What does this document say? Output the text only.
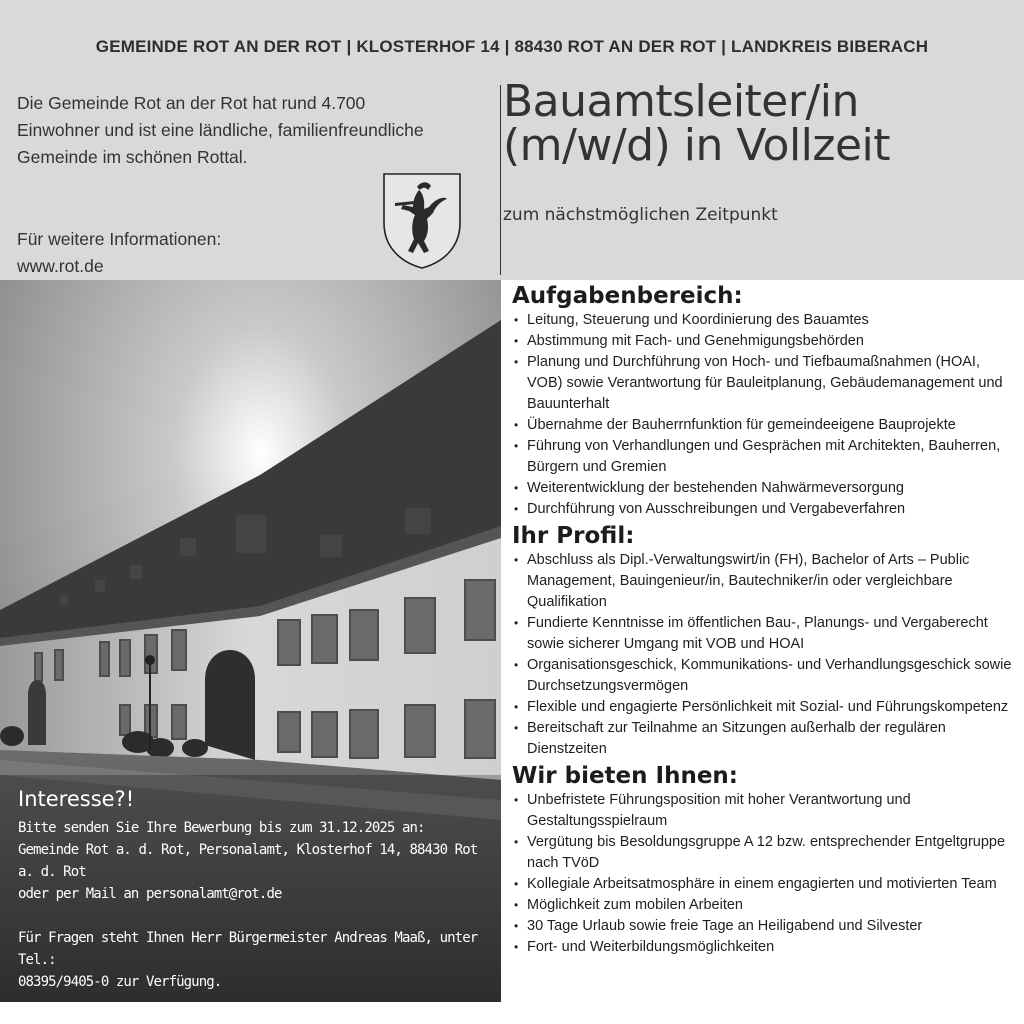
GEMEINDE ROT AN DER ROT | KLOSTERHOF 14 | 88430 ROT AN DER ROT | LANDKREIS BIBERACH
Die Gemeinde Rot an der Rot hat rund 4.700
Einwohner und ist eine ländliche, familienfreundliche
Gemeinde im schönen Rottal.
Für weitere Informationen:
www.rot.de
Bauamtsleiter/in
(m/w/d) in Vollzeit
zum nächstmöglichen Zeitpunkt
Interesse?!

Bitte senden Sie Ihre Bewerbung bis zum 31.12.2025 an:

Gemeinde Rot a. d. Rot, Personalamt, Klosterhof 14, 88430 Rot a. d. Rot

oder per Mail an personalamt@rot.de

Für Fragen steht Ihnen Herr Bürgermeister Andreas Maaß, unter Tel.:

08395/9405-0 zur Verfügung.

Aufgabenbereich:
• Leitung, Steuerung und Koordinierung des Bauamtes
• Abstimmung mit Fach- und Genehmigungsbehörden
• Planung und Durchführung von Hoch- und Tiefbaumaßnahmen (HOAI, VOB) sowie Verantwortung für Bauleitplanung, Gebäudemanagement und Bauunterhalt
• Übernahme der Bauherrnfunktion für gemeindeeigene Bauprojekte
• Führung von Verhandlungen und Gesprächen mit Architekten, Bauherren, Bürgern und Gremien
• Weiterentwicklung der bestehenden Nahwärmeversorgung
• Durchführung von Ausschreibungen und Vergabeverfahren
Ihr Profil:
• Abschluss als Dipl.-Verwaltungswirt/in (FH), Bachelor of Arts – Public Management, Bauingenieur/in, Bautechniker/in oder vergleichbare Qualifikation
• Fundierte Kenntnisse im öffentlichen Bau-, Planungs- und Vergaberecht sowie sicherer Umgang mit VOB und HOAI
• Organisationsgeschick, Kommunikations- und Verhandlungsgeschick sowie Durchsetzungsvermögen
• Flexible und engagierte Persönlichkeit mit Sozial- und Führungskompetenz
• Bereitschaft zur Teilnahme an Sitzungen außerhalb der regulären Dienstzeiten
Wir bieten Ihnen:
• Unbefristete Führungsposition mit hoher Verantwortung und Gestaltungsspielraum
• Vergütung bis Besoldungsgruppe A 12 bzw. entsprechender Entgeltgruppe nach TVöD
• Kollegiale Arbeitsatmosphäre in einem engagierten und motivierten Team
• Möglichkeit zum mobilen Arbeiten
• 30 Tage Urlaub sowie freie Tage an Heiligabend und Silvester
• Fort- und Weiterbildungsmöglichkeiten
